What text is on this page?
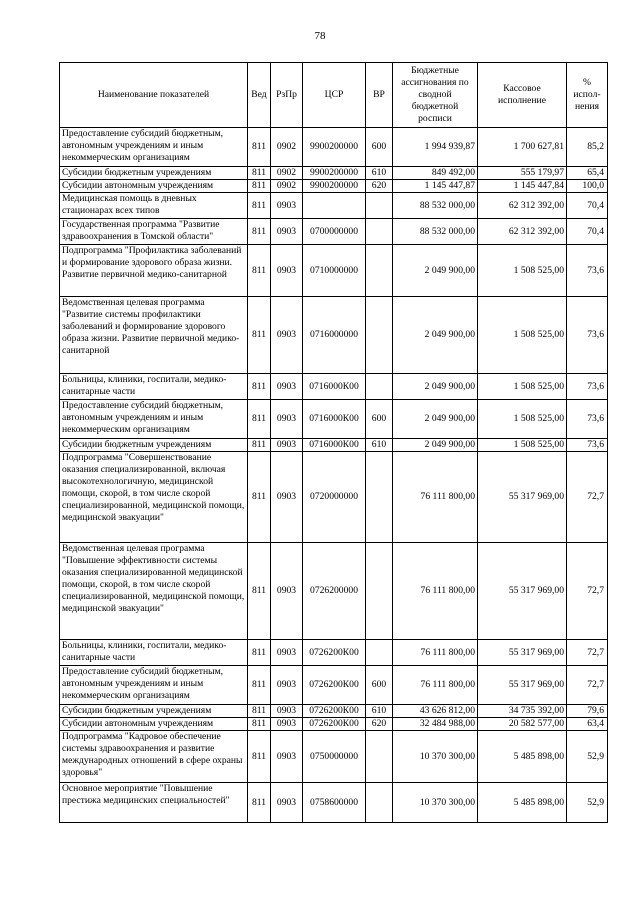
78
Наименование показателей	Вед	РзПр	ЦСР	ВР	Бюджетные ассигнования по сводной бюджетной росписи	Кассовое исполнение	% испол-нения
Предоставление субсидий бюджетным, автономным учреждениям и иным некоммерческим организациям	811	0902	9900200000	600	1 994 939,87	1 700 627,81	85,2
Субсидии бюджетным учреждениям	811	0902	9900200000	610	849 492,00	555 179,97	65,4
Субсидии автономным учреждениям	811	0902	9900200000	620	1 145 447,87	1 145 447,84	100,0
Медицинская помощь в дневных стационарах всех типов	811	0903			88 532 000,00	62 312 392,00	70,4
Государственная программа "Развитие здравоохранения в Томской области"	811	0903	0700000000		88 532 000,00	62 312 392,00	70,4
Подпрограмма "Профилактика заболеваний и формирование здорового образа жизни. Развитие первичной медико-санитарной	811	0903	0710000000		2 049 900,00	1 508 525,00	73,6
Ведомственная целевая программа "Развитие системы профилактики заболеваний и формирование здорового образа жизни. Развитие первичной медико-санитарной	811	0903	0716000000		2 049 900,00	1 508 525,00	73,6
Больницы, клиники, госпитали, медико-санитарные части	811	0903	0716000К00		2 049 900,00	1 508 525,00	73,6
Предоставление субсидий бюджетным, автономным учреждениям и иным некоммерческим организациям	811	0903	0716000К00	600	2 049 900,00	1 508 525,00	73,6
Субсидии бюджетным учреждениям	811	0903	0716000К00	610	2 049 900,00	1 508 525,00	73,6
Подпрограмма "Совершенствование оказания специализированной, включая высокотехнологичную, медицинской помощи, скорой, в том числе скорой специализированной, медицинской помощи, медицинской эвакуации"	811	0903	0720000000		76 111 800,00	55 317 969,00	72,7
Ведомственная целевая программа "Повышение эффективности системы оказания специализированной медицинской помощи, скорой, в том числе скорой специализированной, медицинской помощи, медицинской эвакуации"	811	0903	0726200000		76 111 800,00	55 317 969,00	72,7
Больницы, клиники, госпитали, медико-санитарные части	811	0903	0726200К00		76 111 800,00	55 317 969,00	72,7
Предоставление субсидий бюджетным, автономным учреждениям и иным некоммерческим организациям	811	0903	0726200К00	600	76 111 800,00	55 317 969,00	72,7
Субсидии бюджетным учреждениям	811	0903	0726200К00	610	43 626 812,00	34 735 392,00	79,6
Субсидии автономным учреждениям	811	0903	0726200К00	620	32 484 988,00	20 582 577,00	63,4
Подпрограмма "Кадровое обеспечение системы здравоохранения и развитие международных отношений в сфере охраны здоровья"	811	0903	0750000000		10 370 300,00	5 485 898,00	52,9
Основное мероприятие "Повышение престижа медицинских специальностей"	811	0903	0758600000		10 370 300,00	5 485 898,00	52,9
